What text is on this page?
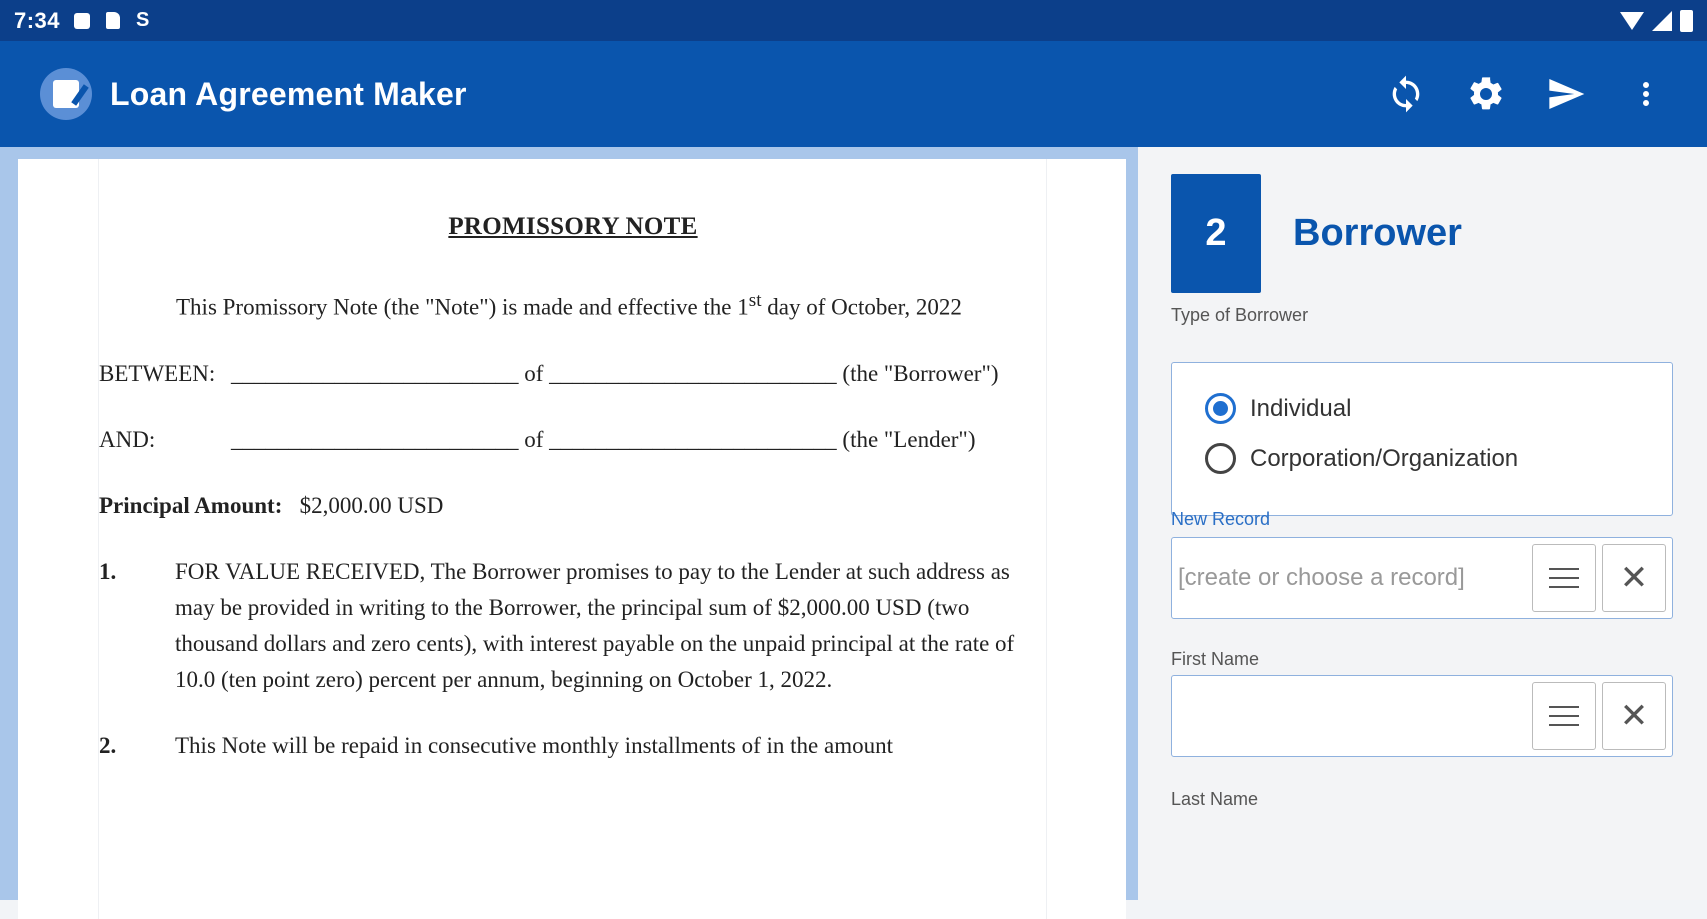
7:34	S
Loan Agreement Maker
PROMISSORY NOTE
This Promissory Note (the "Note") is made and effective the 1st day of October, 2022
BETWEEN: _________________________ of _________________________ (the "Borrower")
AND:	_________________________ of _________________________ (the "Lender")
Principal Amount: $2,000.00 USD
1.	FOR VALUE RECEIVED, The Borrower promises to pay to the Lender at such address as may be provided in writing to the Borrower, the principal sum of $2,000.00 USD (two thousand dollars and zero cents), with interest payable on the unpaid principal at the rate of 10.0 (ten point zero) percent per annum, beginning on October 1, 2022.
2.	This Note will be repaid in consecutive monthly installments of in the amount
2	Borrower
Type of Borrower
Individual
Corporation/Organization
New Record
[create or choose a record]	✕
First Name
✕
Last Name
